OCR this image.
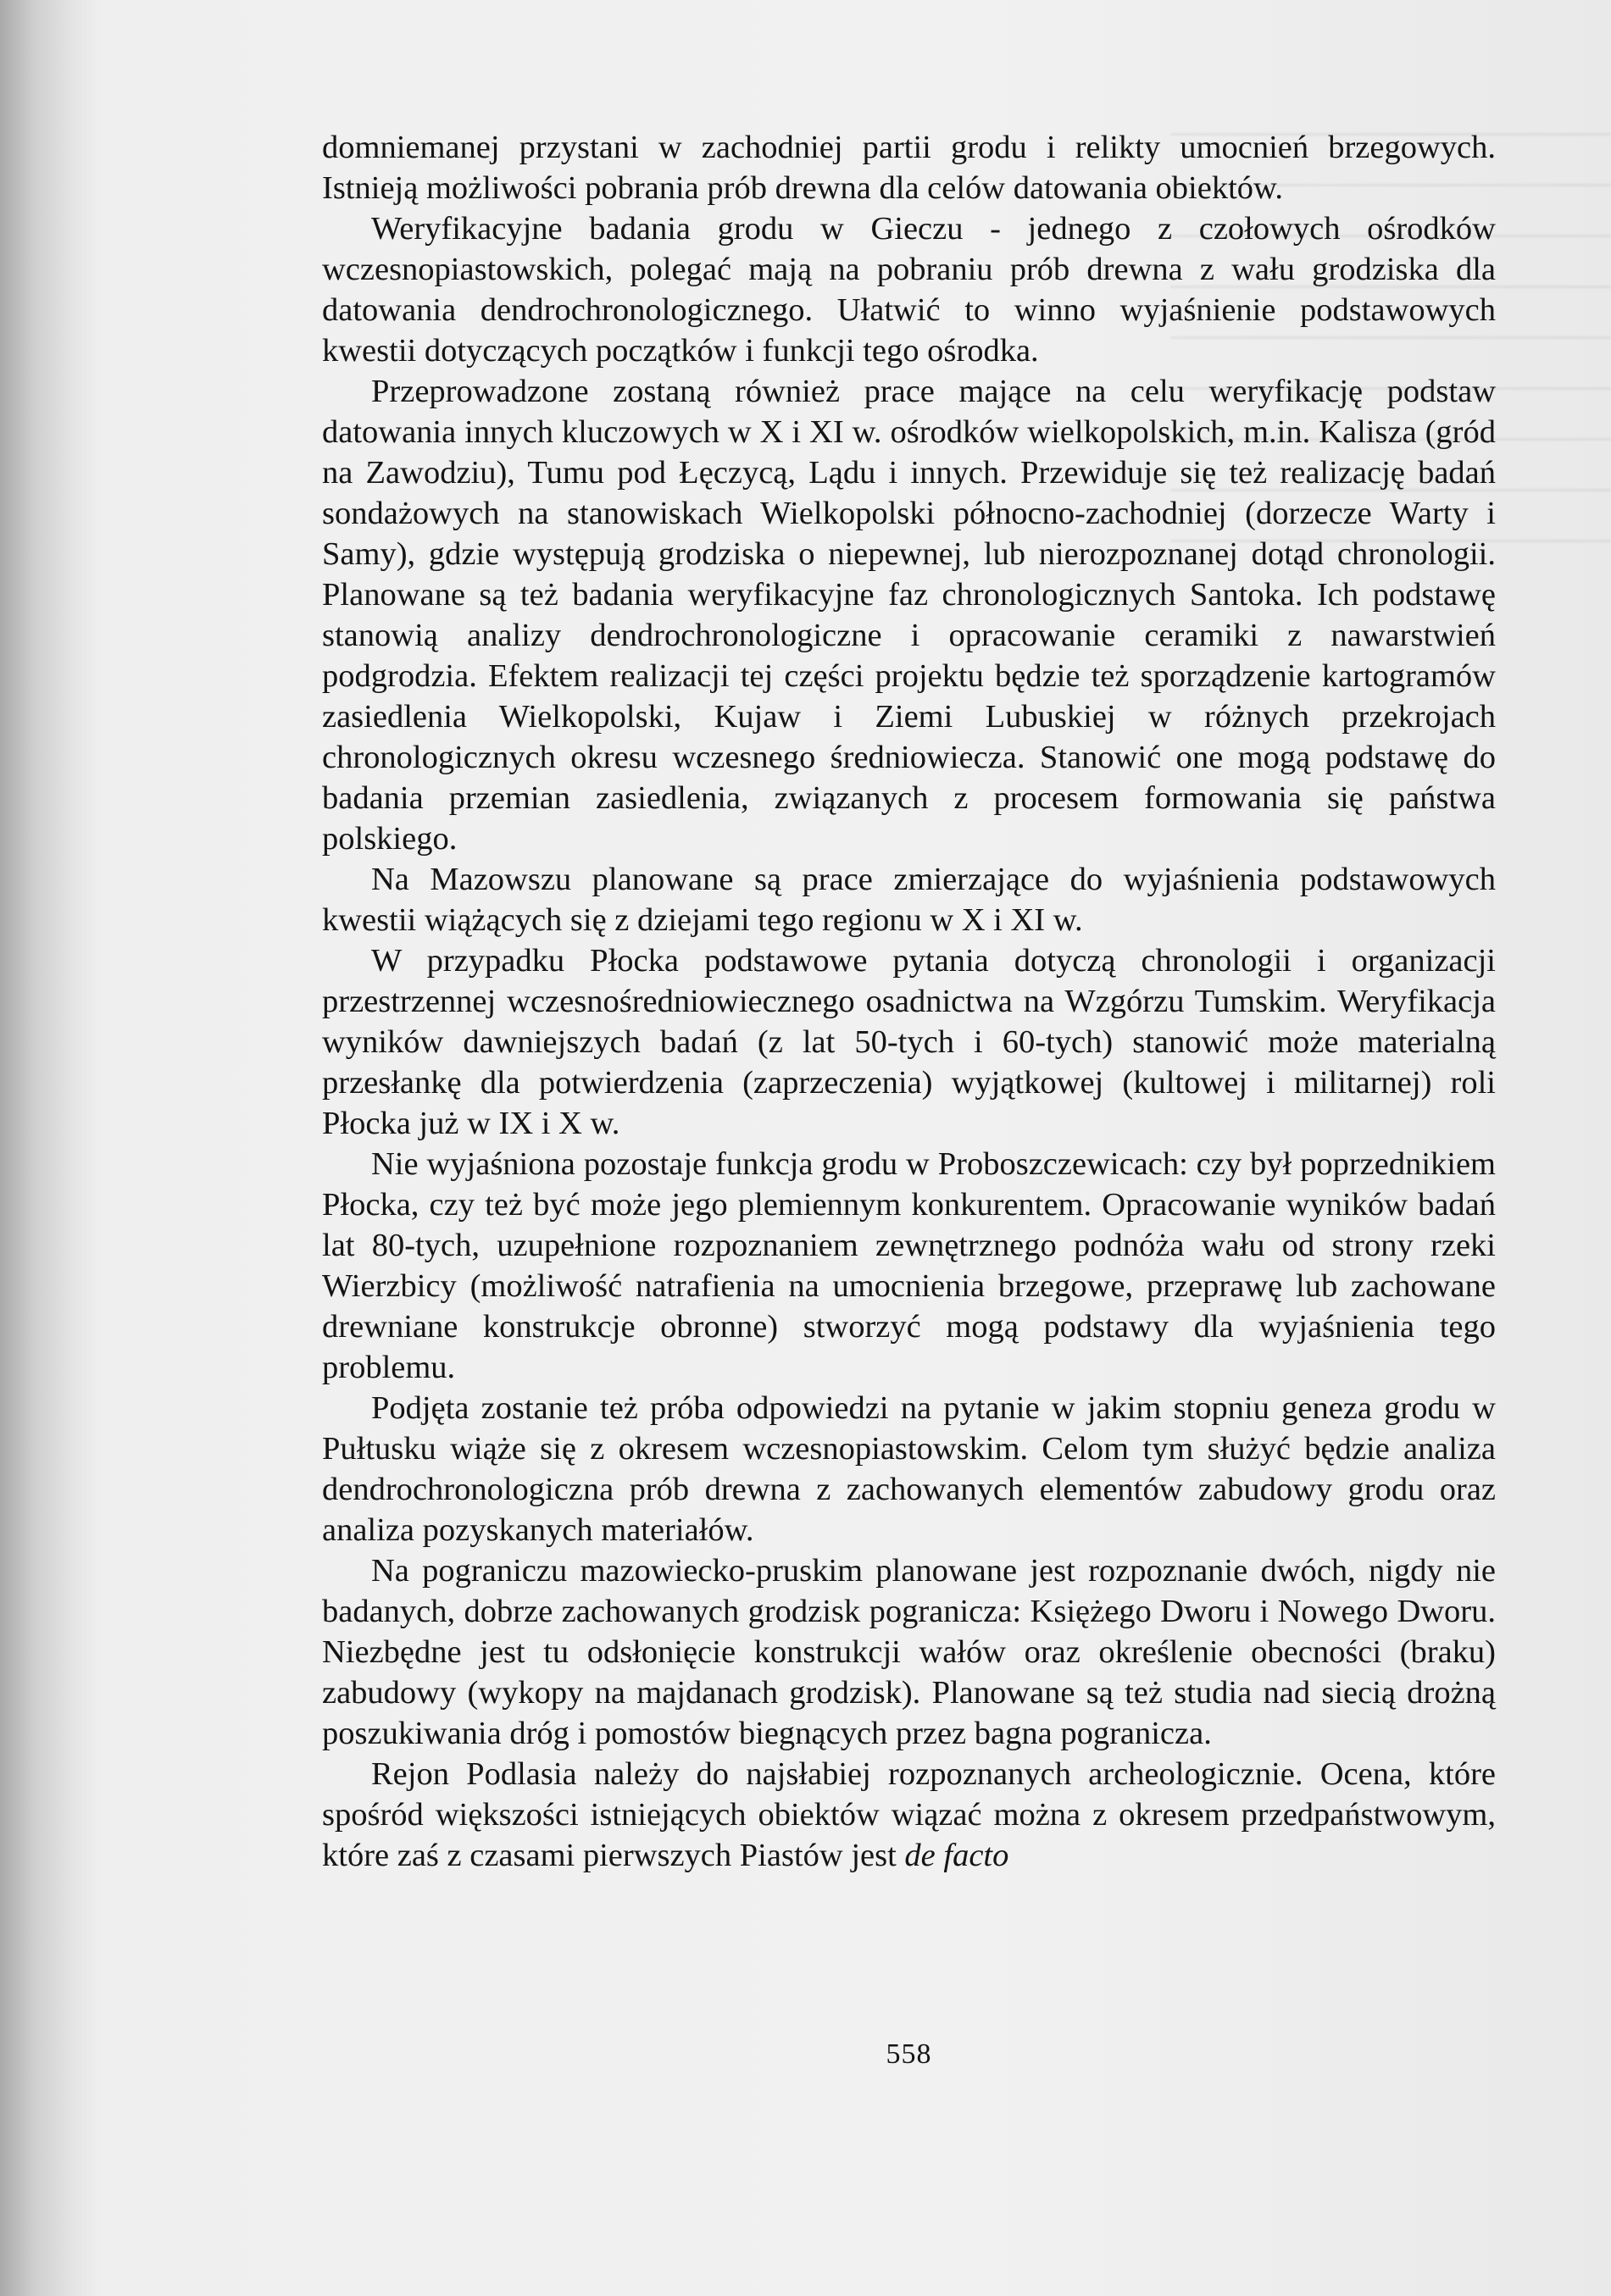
domniemanej przystani w zachodniej partii grodu i relikty umocnień brzegowych. Istnieją możliwości pobrania prób drewna dla celów datowania obiektów.

Weryfikacyjne badania grodu w Gieczu - jednego z czołowych ośrodków wczesnopiastowskich, polegać mają na pobraniu prób drewna z wału grodziska dla datowania dendrochronologicznego. Ułatwić to winno wyjaśnienie podstawowych kwestii dotyczących początków i funkcji tego ośrodka.

Przeprowadzone zostaną również prace mające na celu weryfikację podstaw datowania innych kluczowych w X i XI w. ośrodków wielkopolskich, m.in. Kalisza (gród na Zawodziu), Tumu pod Łęczycą, Lądu i innych. Przewiduje się też realizację badań sondażowych na stanowiskach Wielkopolski północno-zachodniej (dorzecze Warty i Samy), gdzie występują grodziska o niepewnej, lub nierozpoznanej dotąd chronologii. Planowane są też badania weryfikacyjne faz chronologicznych Santoka. Ich podstawę stanowią analizy dendrochronologiczne i opracowanie ceramiki z nawarstwień podgrodzia. Efektem realizacji tej części projektu będzie też sporządzenie kartogramów zasiedlenia Wielkopolski, Kujaw i Ziemi Lubuskiej w różnych przekrojach chronologicznych okresu wczesnego średniowiecza. Stanowić one mogą podstawę do badania przemian zasiedlenia, związanych z procesem formowania się państwa polskiego.

Na Mazowszu planowane są prace zmierzające do wyjaśnienia podstawowych kwestii wiążących się z dziejami tego regionu w X i XI w.

W przypadku Płocka podstawowe pytania dotyczą chronologii i organizacji przestrzennej wczesnośredniowiecznego osadnictwa na Wzgórzu Tumskim. Weryfikacja wyników dawniejszych badań (z lat 50-tych i 60-tych) stanowić może materialną przesłankę dla potwierdzenia (zaprzeczenia) wyjątkowej (kultowej i militarnej) roli Płocka już w IX i X w.

Nie wyjaśniona pozostaje funkcja grodu w Proboszczewicach: czy był poprzednikiem Płocka, czy też być może jego plemiennym konkurentem. Opracowanie wyników badań lat 80-tych, uzupełnione rozpoznaniem zewnętrznego podnóża wału od strony rzeki Wierzbicy (możliwość natrafienia na umocnienia brzegowe, przeprawę lub zachowane drewniane konstrukcje obronne) stworzyć mogą podstawy dla wyjaśnienia tego problemu.

Podjęta zostanie też próba odpowiedzi na pytanie w jakim stopniu geneza grodu w Pułtusku wiąże się z okresem wczesnopiastowskim. Celom tym służyć będzie analiza dendrochronologiczna prób drewna z zachowanych elementów zabudowy grodu oraz analiza pozyskanych materiałów.

Na pograniczu mazowiecko-pruskim planowane jest rozpoznanie dwóch, nigdy nie badanych, dobrze zachowanych grodzisk pogranicza: Księżego Dworu i Nowego Dworu. Niezbędne jest tu odsłonięcie konstrukcji wałów oraz określenie obecności (braku) zabudowy (wykopy na majdanach grodzisk). Planowane są też studia nad siecią drożną poszukiwania dróg i pomostów biegnących przez bagna pogranicza.

Rejon Podlasia należy do najsłabiej rozpoznanych archeologicznie. Ocena, które spośród większości istniejących obiektów wiązać można z okresem przedpaństwowym, które zaś z czasami pierwszych Piastów jest de facto

558
